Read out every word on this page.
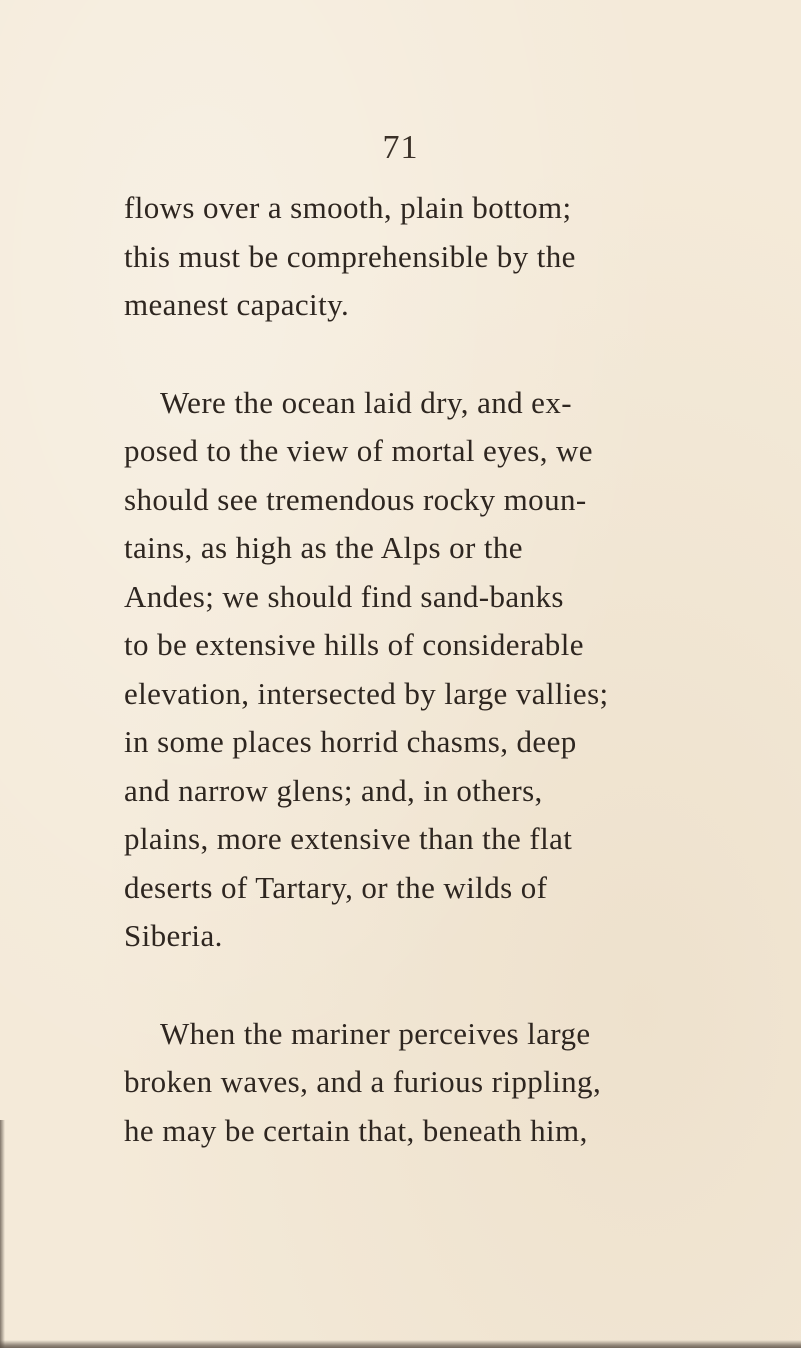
71

flows over a smooth, plain bottom;
this must be comprehensible by the
meanest capacity.

Were the ocean laid dry, and ex-
posed to the view of mortal eyes, we
should see tremendous rocky moun-
tains, as high as the Alps or the
Andes; we should find sand-banks
to be extensive hills of considerable
elevation, intersected by large vallies;
in some places horrid chasms, deep
and narrow glens; and, in others,
plains, more extensive than the flat
deserts of Tartary, or the wilds of
Siberia.

When the mariner perceives large
broken waves, and a furious rippling,
he may be certain that, beneath him,
